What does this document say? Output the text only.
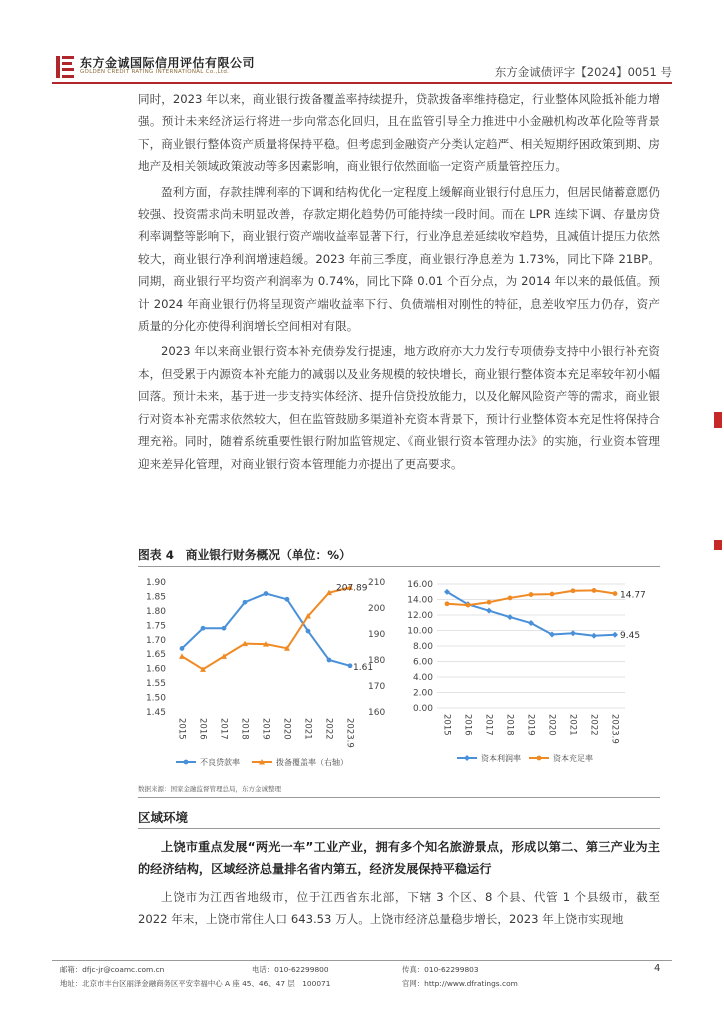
东方金诚国际信用评估有限公司
GOLDEN CREDIT RATING INTERNATIONAL Co.,Ltd.	东方金诚债评字【2024】0051 号

同时，2023 年以来，商业银行拨备覆盖率持续提升，贷款拨备率维持稳定，行业整体风险抵补能力增强。预计未来经济运行将进一步向常态化回归，且在监管引导全力推进中小金融机构改革化险等背景下，商业银行整体资产质量将保持平稳。但考虑到金融资产分类认定趋严、相关短期纾困政策到期、房地产及相关领域政策波动等多因素影响，商业银行依然面临一定资产质量管控压力。

盈利方面，存款挂牌利率的下调和结构优化一定程度上缓解商业银行付息压力，但居民储蓄意愿仍较强、投资需求尚未明显改善，存款定期化趋势仍可能持续一段时间。而在 LPR 连续下调、存量房贷利率调整等影响下，商业银行资产端收益率显著下行，行业净息差延续收窄趋势，且减值计提压力依然较大，商业银行净利润增速趋缓。2023 年前三季度，商业银行净息差为 1.73%，同比下降 21BP。同期，商业银行平均资产利润率为 0.74%，同比下降 0.01 个百分点，为 2014 年以来的最低值。预计 2024 年商业银行仍将呈现资产端收益率下行、负债端相对刚性的特征，息差收窄压力仍存，资产质量的分化亦使得利润增长空间相对有限。

2023 年以来商业银行资本补充债券发行提速，地方政府亦大力发行专项债券支持中小银行补充资本，但受累于内源资本补充能力的减弱以及业务规模的较快增长，商业银行整体资本充足率较年初小幅回落。预计未来，基于进一步支持实体经济、提升信贷投放能力，以及化解风险资产等的需求，商业银行对资本补充需求依然较大，但在监管鼓励多渠道补充资本背景下，预计行业整体资本充足性将保持合理充裕。同时，随着系统重要性银行附加监管规定、《商业银行资本管理办法》的实施，行业资本管理迎来差异化管理，对商业银行资本管理能力亦提出了更高要求。

图表 4　商业银行财务概况（单位：%）
1.90
1.85
1.80
1.75
1.70
1.65
1.60
1.55
1.50
1.45
210
200
190
180
170
160
2015 2016 2017 2018 2019 2020 2021 2022 2023.9
1.61
207.89
不良贷款率	拨备覆盖率（右轴）
16.00
14.00
12.00
10.00
8.00
6.00
4.00
2.00
0.00
2015 2016 2017 2018 2019 2020 2021 2022 2023.9
14.77
9.45
资本利润率	资本充足率
数据来源：国家金融监督管理总局，东方金诚整理
区域环境
上饶市重点发展“两光一车”工业产业，拥有多个知名旅游景点，形成以第二、第三产业为主的经济结构，区域经济总量排名省内第五，经济发展保持平稳运行

上饶市为江西省地级市，位于江西省东北部，下辖 3 个区、8 个县、代管 1 个县级市，截至 2022 年末，上饶市常住人口 643.53 万人。上饶市经济总量稳步增长，2023 年上饶市实现地

邮箱：dfjc-jr@coamc.com.cn	电话：010-62299800	传真：010-62299803	4
地址：北京市丰台区丽泽金融商务区平安幸福中心 A 座 45、46、47 层　100071	官网：http://www.dfratings.com
